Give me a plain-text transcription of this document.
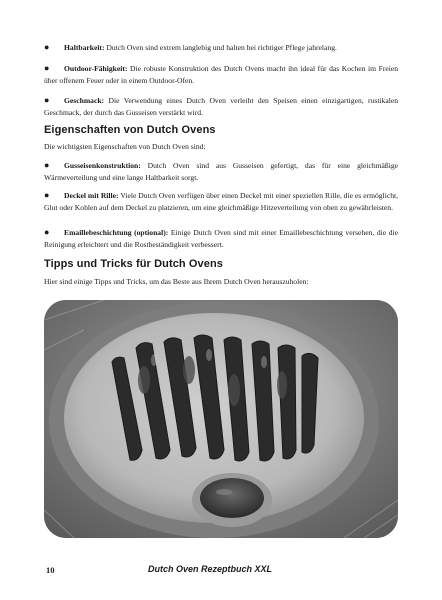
● Haltbarkeit: Dutch Oven sind extrem langlebig und halten bei richtiger Pflege jahrelang.

● Outdoor-Fähigkeit: Die robuste Konstruktion des Dutch Ovens macht ihn ideal für das Kochen im Freien über offenem Feuer oder in einem Outdoor-Ofen.

● Geschmack: Die Verwendung eines Dutch Oven verleiht den Speisen einen einzigartigen, rustikalen Geschmack, der durch das Gusseisen verstärkt wird.

Eigenschaften von Dutch Ovens

Die wichtigsten Eigenschaften von Dutch Oven sind:

● Gusseisenkonstruktion: Dutch Oven sind aus Gusseisen gefertigt, das für eine gleichmäßige Wärmeverteilung und eine lange Haltbarkeit sorgt.

● Deckel mit Rille: Viele Dutch Oven verfügen über einen Deckel mit einer speziellen Rille, die es ermöglicht, Glut oder Kohlen auf dem Deckel zu platzieren, um eine gleichmäßige Hitzeverteilung von oben zu gewährleisten.

● Emaillebeschichtung (optional): Einige Dutch Oven sind mit einer Emaillebeschichtung versehen, die die Reinigung erleichtert und die Rostbeständigkeit verbessert.

Tipps und Tricks für Dutch Ovens

Hier sind einige Tipps und Tricks, um das Beste aus Ihrem Dutch Oven herauszuholen:

10	Dutch Oven Rezeptbuch XXL
